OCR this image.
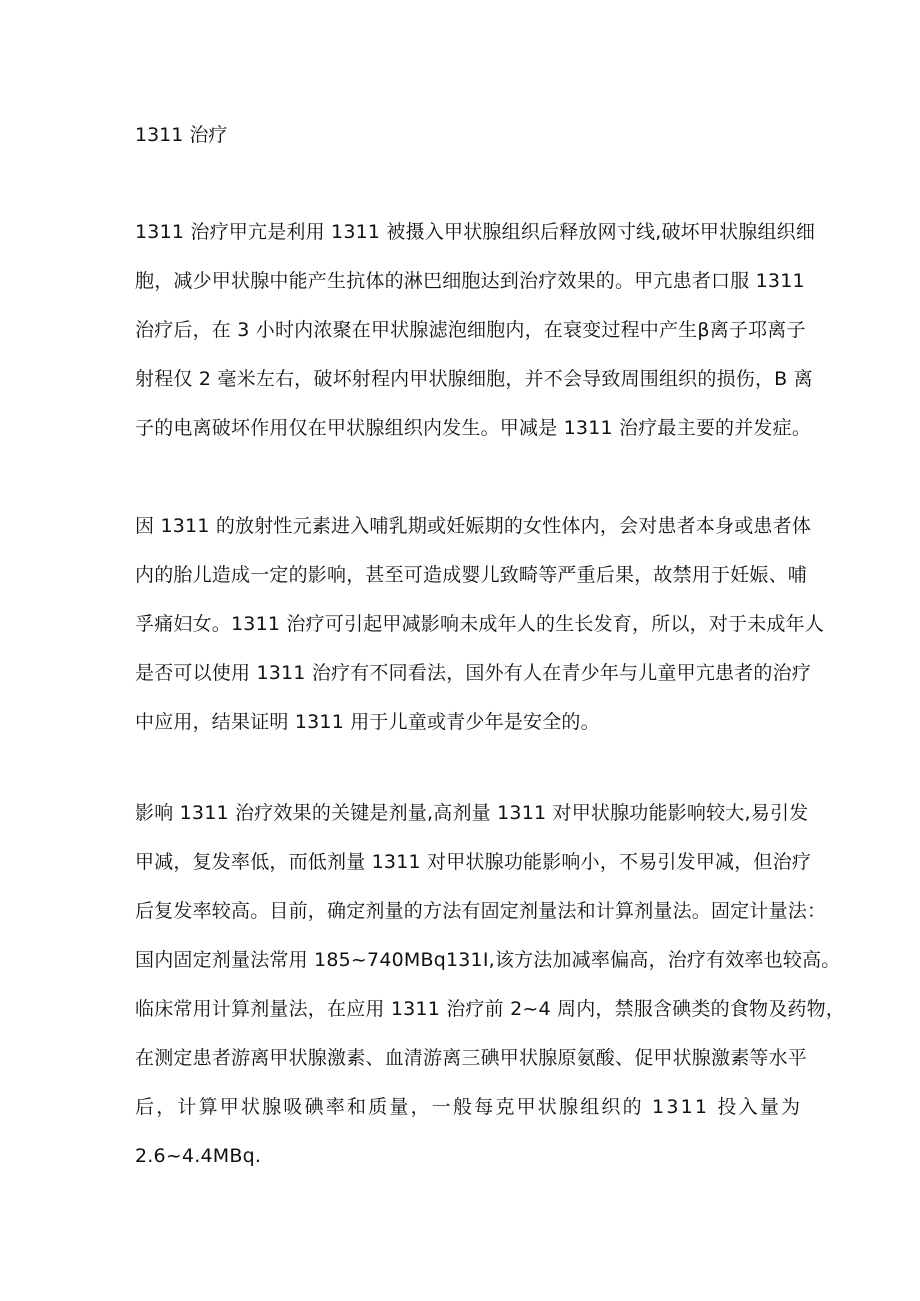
1311 治疗

1311 治疗甲亢是利用 1311 被摄入甲状腺组织后释放网寸线,破坏甲状腺组织细
胞，减少甲状腺中能产生抗体的淋巴细胞达到治疗效果的。甲亢患者口服 1311
治疗后，在 3 小时内浓聚在甲状腺滤泡细胞内，在衰变过程中产生β离子邛离子
射程仅 2 毫米左右，破坏射程内甲状腺细胞，并不会导致周围组织的损伤，B 离
子的电离破坏作用仅在甲状腺组织内发生。甲减是 1311 治疗最主要的并发症。

因 1311 的放射性元素进入哺乳期或妊娠期的女性体内，会对患者本身或患者体
内的胎儿造成一定的影响，甚至可造成婴儿致畸等严重后果，故禁用于妊娠、哺
孚痛妇女。1311 治疗可引起甲减影响未成年人的生长发育，所以，对于未成年人
是否可以使用 1311 治疗有不同看法，国外有人在青少年与儿童甲亢患者的治疗
中应用，结果证明 1311 用于儿童或青少年是安全的。

影响 1311 治疗效果的关键是剂量,高剂量 1311 对甲状腺功能影响较大,易引发
甲减，复发率低，而低剂量 1311 对甲状腺功能影响小，不易引发甲减，但治疗
后复发率较高。目前，确定剂量的方法有固定剂量法和计算剂量法。固定计量法：
国内固定剂量法常用 185~740MBq131I,该方法加减率偏高，治疗有效率也较高。
临床常用计算剂量法，在应用 1311 治疗前 2~4 周内，禁服含碘类的食物及药物，
在测定患者游离甲状腺激素、血清游离三碘甲状腺原氨酸、促甲状腺激素等水平
后，计算甲状腺吸碘率和质量，一般每克甲状腺组织的 1311 投入量为
2.6~4.4MBq.
